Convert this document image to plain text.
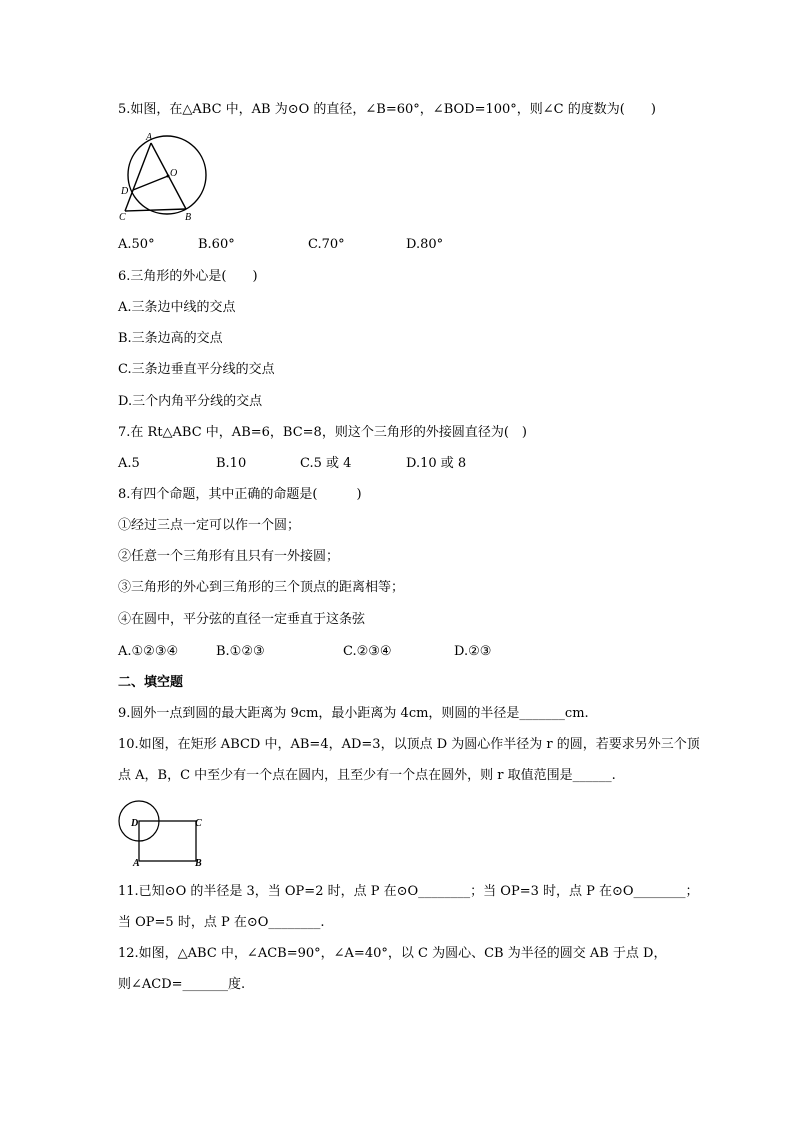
5.如图，在△ABC 中，AB 为⊙O 的直径，∠B=60°，∠BOD=100°，则∠C 的度数为(　　)
A
O
D
C	B
A.50°	B.60°	C.70°	D.80°
6.三角形的外心是(　　)
A.三条边中线的交点
B.三条边高的交点
C.三条边垂直平分线的交点
D.三个内角平分线的交点
7.在 Rt△ABC 中，AB=6，BC=8，则这个三角形的外接圆直径为(　)
A.5	B.10	C.5 或 4	D.10 或 8
8.有四个命题，其中正确的命题是(　　　)
①经过三点一定可以作一个圆；
②任意一个三角形有且只有一外接圆；
③三角形的外心到三角形的三个顶点的距离相等；
④在圆中，平分弦的直径一定垂直于这条弦
A.①②③④	B.①②③	C.②③④	D.②③
二、填空题
9.圆外一点到圆的最大距离为 9cm，最小距离为 4cm，则圆的半径是_______cm.
10.如图，在矩形 ABCD 中，AB=4，AD=3，以顶点 D 为圆心作半径为 r 的圆，若要求另外三个顶
点 A，B，C 中至少有一个点在圆内，且至少有一个点在圆外，则 r 取值范围是______.
D	C
A	B
11.已知⊙O 的半径是 3，当 OP=2 时，点 P 在⊙O________；当 OP=3 时，点 P 在⊙O________；
当 OP=5 时，点 P 在⊙O________.
12.如图，△ABC 中，∠ACB=90°，∠A=40°，以 C 为圆心、CB 为半径的圆交 AB 于点 D，
则∠ACD=_______度.
